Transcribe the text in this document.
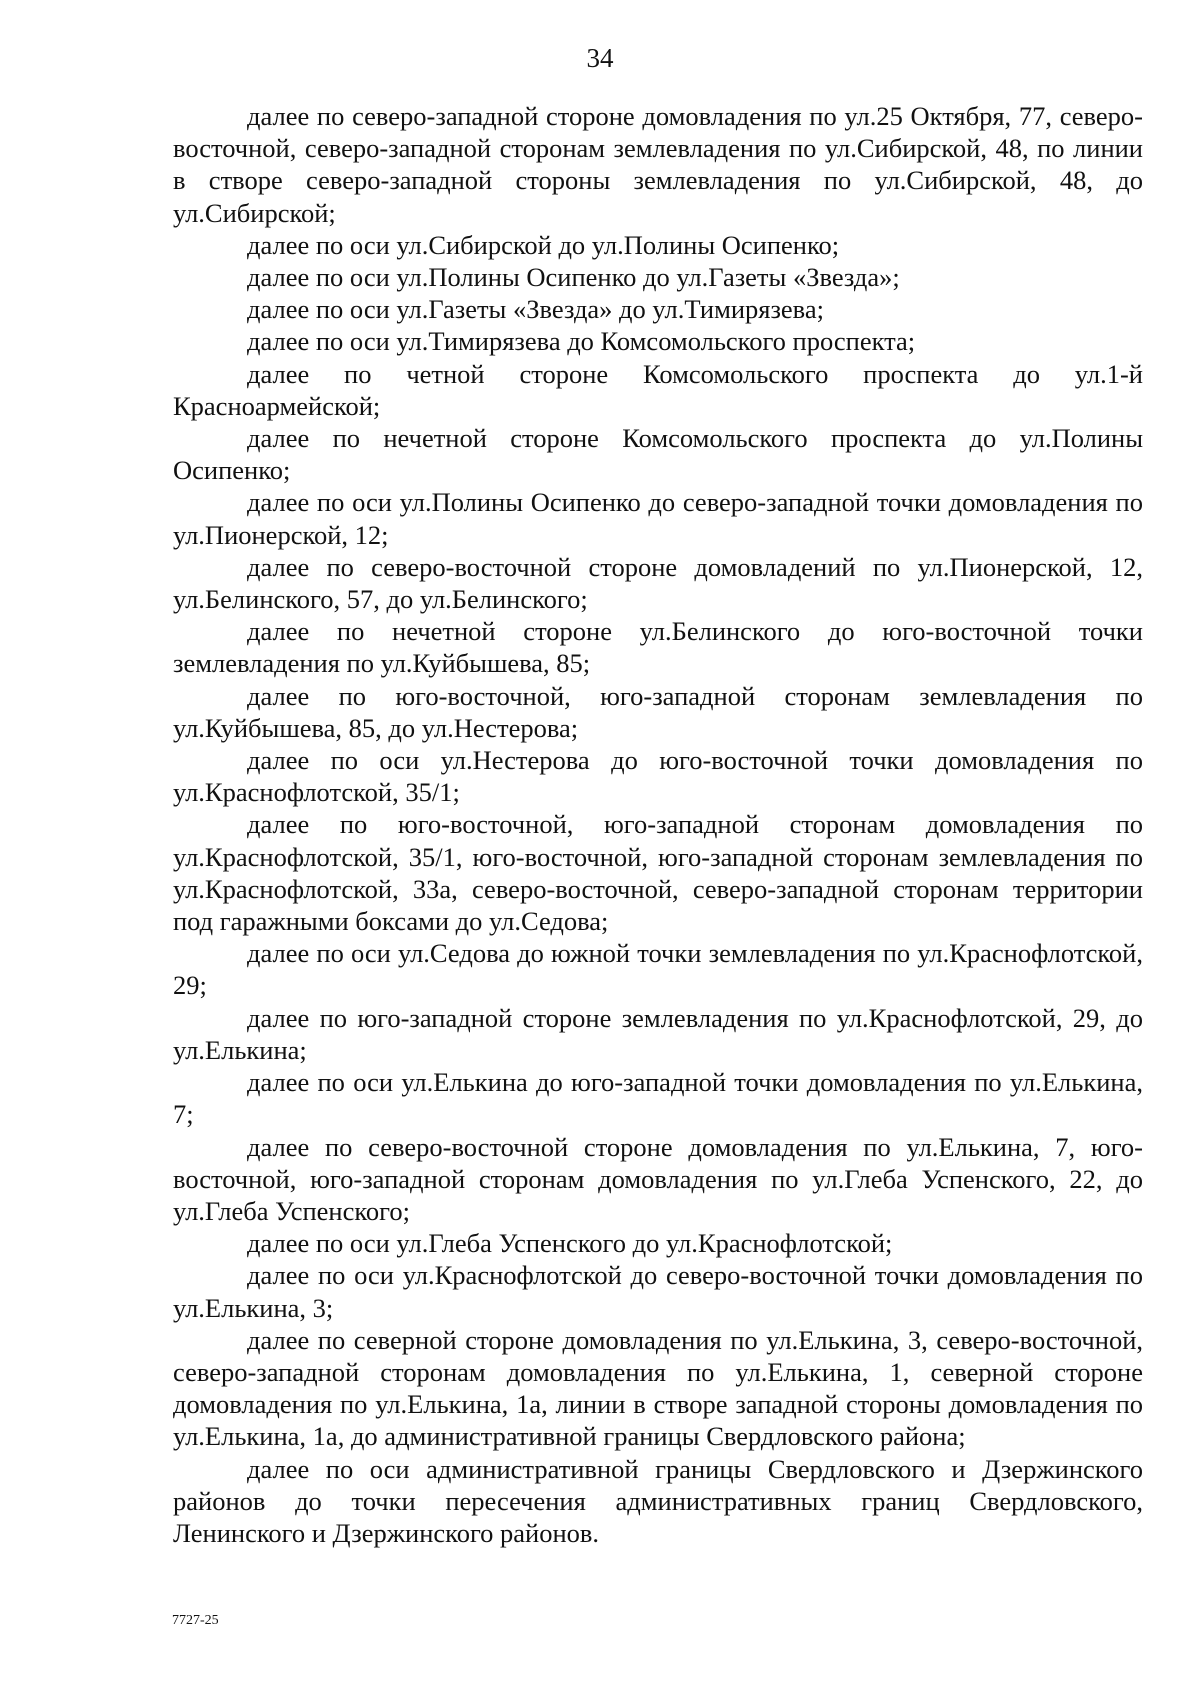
34

далее по северо-западной стороне домовладения по ул.25 Октября, 77, северо-восточной, северо-западной сторонам землевладения по ул.Сибирской, 48, по линии в створе северо-западной стороны землевладения по ул.Сибирской, 48, до ул.Сибирской;

далее по оси ул.Сибирской до ул.Полины Осипенко;

далее по оси ул.Полины Осипенко до ул.Газеты «Звезда»;

далее по оси ул.Газеты «Звезда» до ул.Тимирязева;

далее по оси ул.Тимирязева до Комсомольского проспекта;

далее по четной стороне Комсомольского проспекта до ул.1-й Красноармейской;

далее по нечетной стороне Комсомольского проспекта до ул.Полины Осипенко;

далее по оси ул.Полины Осипенко до северо-западной точки домовладения по ул.Пионерской, 12;

далее по северо-восточной стороне домовладений по ул.Пионерской, 12, ул.Белинского, 57, до ул.Белинского;

далее по нечетной стороне ул.Белинского до юго-восточной точки землевладения по ул.Куйбышева, 85;

далее по юго-восточной, юго-западной сторонам землевладения по ул.Куйбышева, 85, до ул.Нестерова;

далее по оси ул.Нестерова до юго-восточной точки домовладения по ул.Краснофлотской, 35/1;

далее по юго-восточной, юго-западной сторонам домовладения по ул.Краснофлотской, 35/1, юго-восточной, юго-западной сторонам землевладения по ул.Краснофлотской, 33а, северо-восточной, северо-западной сторонам территории под гаражными боксами до ул.Седова;

далее по оси ул.Седова до южной точки землевладения по ул.Краснофлотской, 29;

далее по юго-западной стороне землевладения по ул.Краснофлотской, 29, до ул.Елькина;

далее по оси ул.Елькина до юго-западной точки домовладения по ул.Елькина, 7;

далее по северо-восточной стороне домовладения по ул.Елькина, 7, юго-восточной, юго-западной сторонам домовладения по ул.Глеба Успенского, 22, до ул.Глеба Успенского;

далее по оси ул.Глеба Успенского до ул.Краснофлотской;

далее по оси ул.Краснофлотской до северо-восточной точки домовладения по ул.Елькина, 3;

далее по северной стороне домовладения по ул.Елькина, 3, северо-восточной, северо-западной сторонам домовладения по ул.Елькина, 1, северной стороне домовладения по ул.Елькина, 1а, линии в створе западной стороны домовладения по ул.Елькина, 1а, до административной границы Свердловского района;

далее по оси административной границы Свердловского и Дзержинского районов до точки пересечения административных границ Свердловского, Ленинского и Дзержинского районов.

7727-25
